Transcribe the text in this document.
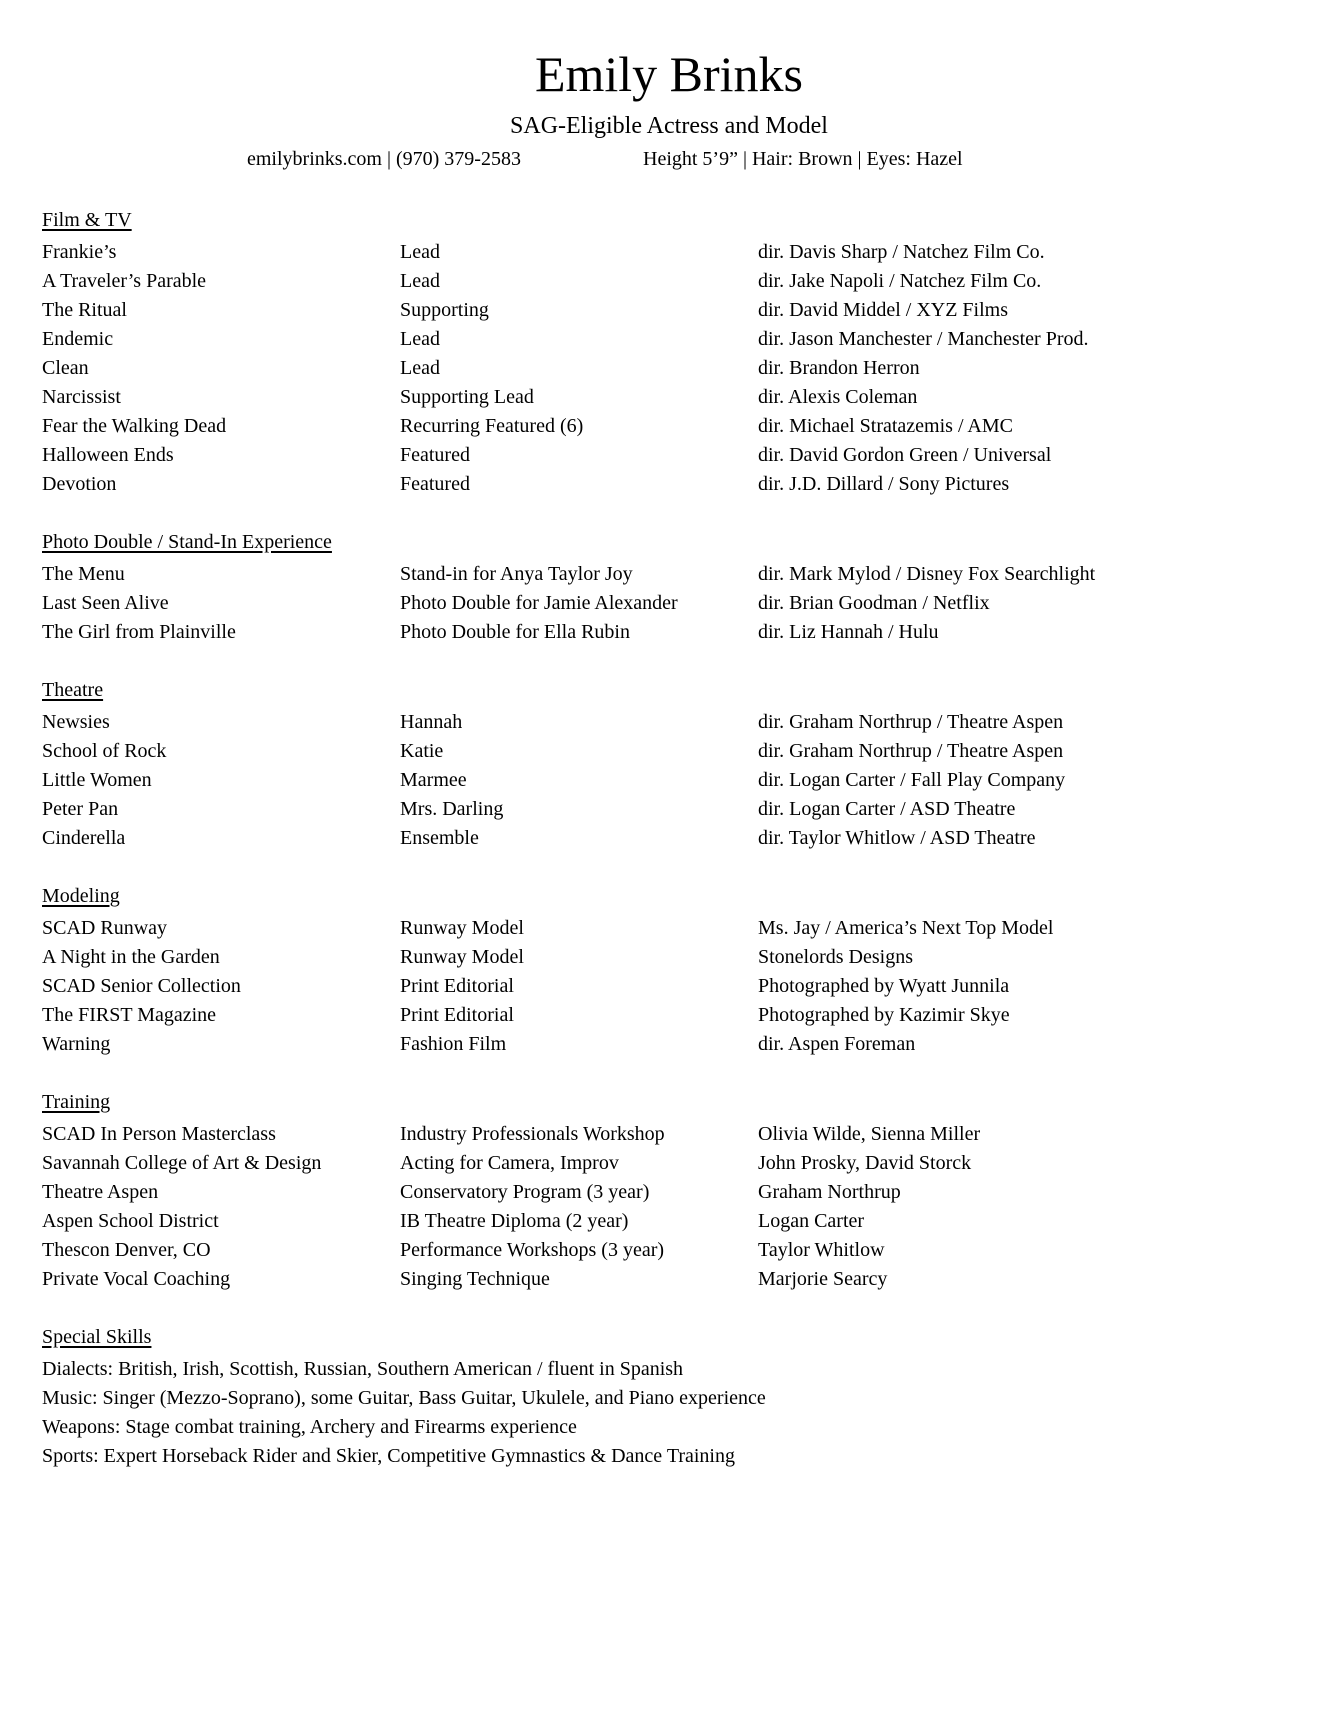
Emily Brinks
SAG-Eligible Actress and Model
emilybrinks.com | (970) 379-2583	Height 5’9” | Hair: Brown | Eyes: Hazel
Film & TV
Frankie’s	Lead	dir. Davis Sharp / Natchez Film Co.
A Traveler’s Parable	Lead	dir. Jake Napoli / Natchez Film Co.
The Ritual	Supporting	dir. David Middel / XYZ Films
Endemic	Lead	dir. Jason Manchester / Manchester Prod.
Clean	Lead	dir. Brandon Herron
Narcissist	Supporting Lead	dir. Alexis Coleman
Fear the Walking Dead	Recurring Featured (6)	dir. Michael Stratazemis / AMC
Halloween Ends	Featured	dir. David Gordon Green / Universal
Devotion	Featured	dir. J.D. Dillard / Sony Pictures
Photo Double / Stand-In Experience
The Menu	Stand-in for Anya Taylor Joy	dir. Mark Mylod / Disney Fox Searchlight
Last Seen Alive	Photo Double for Jamie Alexander	dir. Brian Goodman / Netflix
The Girl from Plainville	Photo Double for Ella Rubin	dir. Liz Hannah / Hulu
Theatre
Newsies	Hannah	dir. Graham Northrup / Theatre Aspen
School of Rock	Katie	dir. Graham Northrup / Theatre Aspen
Little Women	Marmee	dir. Logan Carter / Fall Play Company
Peter Pan	Mrs. Darling	dir. Logan Carter / ASD Theatre
Cinderella	Ensemble	dir. Taylor Whitlow / ASD Theatre
Modeling
SCAD Runway	Runway Model	Ms. Jay / America’s Next Top Model
A Night in the Garden	Runway Model	Stonelords Designs
SCAD Senior Collection	Print Editorial	Photographed by Wyatt Junnila
The FIRST Magazine	Print Editorial	Photographed by Kazimir Skye
Warning	Fashion Film	dir. Aspen Foreman
Training
SCAD In Person Masterclass	Industry Professionals Workshop	Olivia Wilde, Sienna Miller
Savannah College of Art & Design	Acting for Camera, Improv	John Prosky, David Storck
Theatre Aspen	Conservatory Program (3 year)	Graham Northrup
Aspen School District	IB Theatre Diploma (2 year)	Logan Carter
Thescon Denver, CO	Performance Workshops (3 year)	Taylor Whitlow
Private Vocal Coaching	Singing Technique	Marjorie Searcy
Special Skills
Dialects: British, Irish, Scottish, Russian, Southern American / fluent in Spanish
Music: Singer (Mezzo-Soprano), some Guitar, Bass Guitar, Ukulele, and Piano experience
Weapons: Stage combat training, Archery and Firearms experience
Sports: Expert Horseback Rider and Skier, Competitive Gymnastics & Dance Training
